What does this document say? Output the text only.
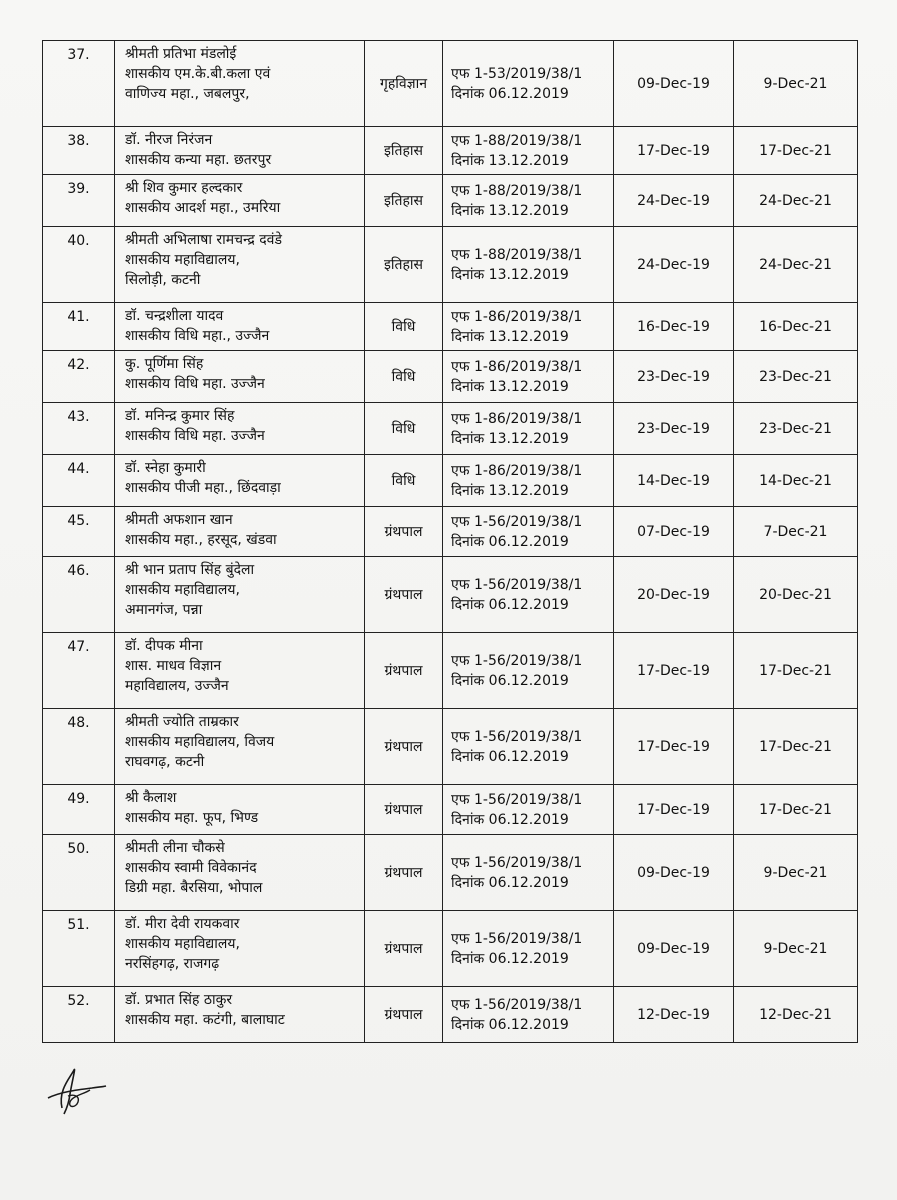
37.	श्रीमती प्रतिभा मंडलोई
शासकीय एम.के.बी.कला एवं
वाणिज्य महा., जबलपुर,	गृहविज्ञान	एफ 1-53/2019/38/1
दिनांक 06.12.2019	09-Dec-19	9-Dec-21
38.	डॉ. नीरज निरंजन
शासकीय कन्या महा. छतरपुर	इतिहास	एफ 1-88/2019/38/1
दिनांक 13.12.2019	17-Dec-19	17-Dec-21
39.	श्री शिव कुमार हल्दकार
शासकीय आदर्श महा., उमरिया	इतिहास	एफ 1-88/2019/38/1
दिनांक 13.12.2019	24-Dec-19	24-Dec-21
40.	श्रीमती अभिलाषा रामचन्द्र दवंडे
शासकीय महाविद्यालय,
सिलोड़ी, कटनी	इतिहास	एफ 1-88/2019/38/1
दिनांक 13.12.2019	24-Dec-19	24-Dec-21
41.	डॉ. चन्द्रशीला यादव
शासकीय विधि महा., उज्जैन	विधि	एफ 1-86/2019/38/1
दिनांक 13.12.2019	16-Dec-19	16-Dec-21
42.	कु. पूर्णिमा सिंह
शासकीय विधि महा. उज्जैन	विधि	एफ 1-86/2019/38/1
दिनांक 13.12.2019	23-Dec-19	23-Dec-21
43.	डॉ. मनिन्द्र कुमार सिंह
शासकीय विधि महा. उज्जैन	विधि	एफ 1-86/2019/38/1
दिनांक 13.12.2019	23-Dec-19	23-Dec-21
44.	डॉ. स्नेहा कुमारी
शासकीय पीजी महा., छिंदवाड़ा	विधि	एफ 1-86/2019/38/1
दिनांक 13.12.2019	14-Dec-19	14-Dec-21
45.	श्रीमती अफशान खान
शासकीय महा., हरसूद, खंडवा	ग्रंथपाल	एफ 1-56/2019/38/1
दिनांक 06.12.2019	07-Dec-19	7-Dec-21
46.	श्री भान प्रताप सिंह बुंदेला
शासकीय महाविद्यालय,
अमानगंज, पन्ना	ग्रंथपाल	एफ 1-56/2019/38/1
दिनांक 06.12.2019	20-Dec-19	20-Dec-21
47.	डॉ. दीपक मीना
शास. माधव विज्ञान
महाविद्यालय, उज्जैन	ग्रंथपाल	एफ 1-56/2019/38/1
दिनांक 06.12.2019	17-Dec-19	17-Dec-21
48.	श्रीमती ज्योति ताम्रकार
शासकीय महाविद्यालय, विजय
राघवगढ़, कटनी	ग्रंथपाल	एफ 1-56/2019/38/1
दिनांक 06.12.2019	17-Dec-19	17-Dec-21
49.	श्री कैलाश
शासकीय महा. फूप, भिण्ड	ग्रंथपाल	एफ 1-56/2019/38/1
दिनांक 06.12.2019	17-Dec-19	17-Dec-21
50.	श्रीमती लीना चौकसे
शासकीय स्वामी विवेकानंद
डिग्री महा. बैरसिया, भोपाल	ग्रंथपाल	एफ 1-56/2019/38/1
दिनांक 06.12.2019	09-Dec-19	9-Dec-21
51.	डॉ. मीरा देवी रायकवार
शासकीय महाविद्यालय,
नरसिंहगढ़, राजगढ़	ग्रंथपाल	एफ 1-56/2019/38/1
दिनांक 06.12.2019	09-Dec-19	9-Dec-21
52.	डॉ. प्रभात सिंह ठाकुर
शासकीय महा. कटंगी, बालाघाट	ग्रंथपाल	एफ 1-56/2019/38/1
दिनांक 06.12.2019	12-Dec-19	12-Dec-21
